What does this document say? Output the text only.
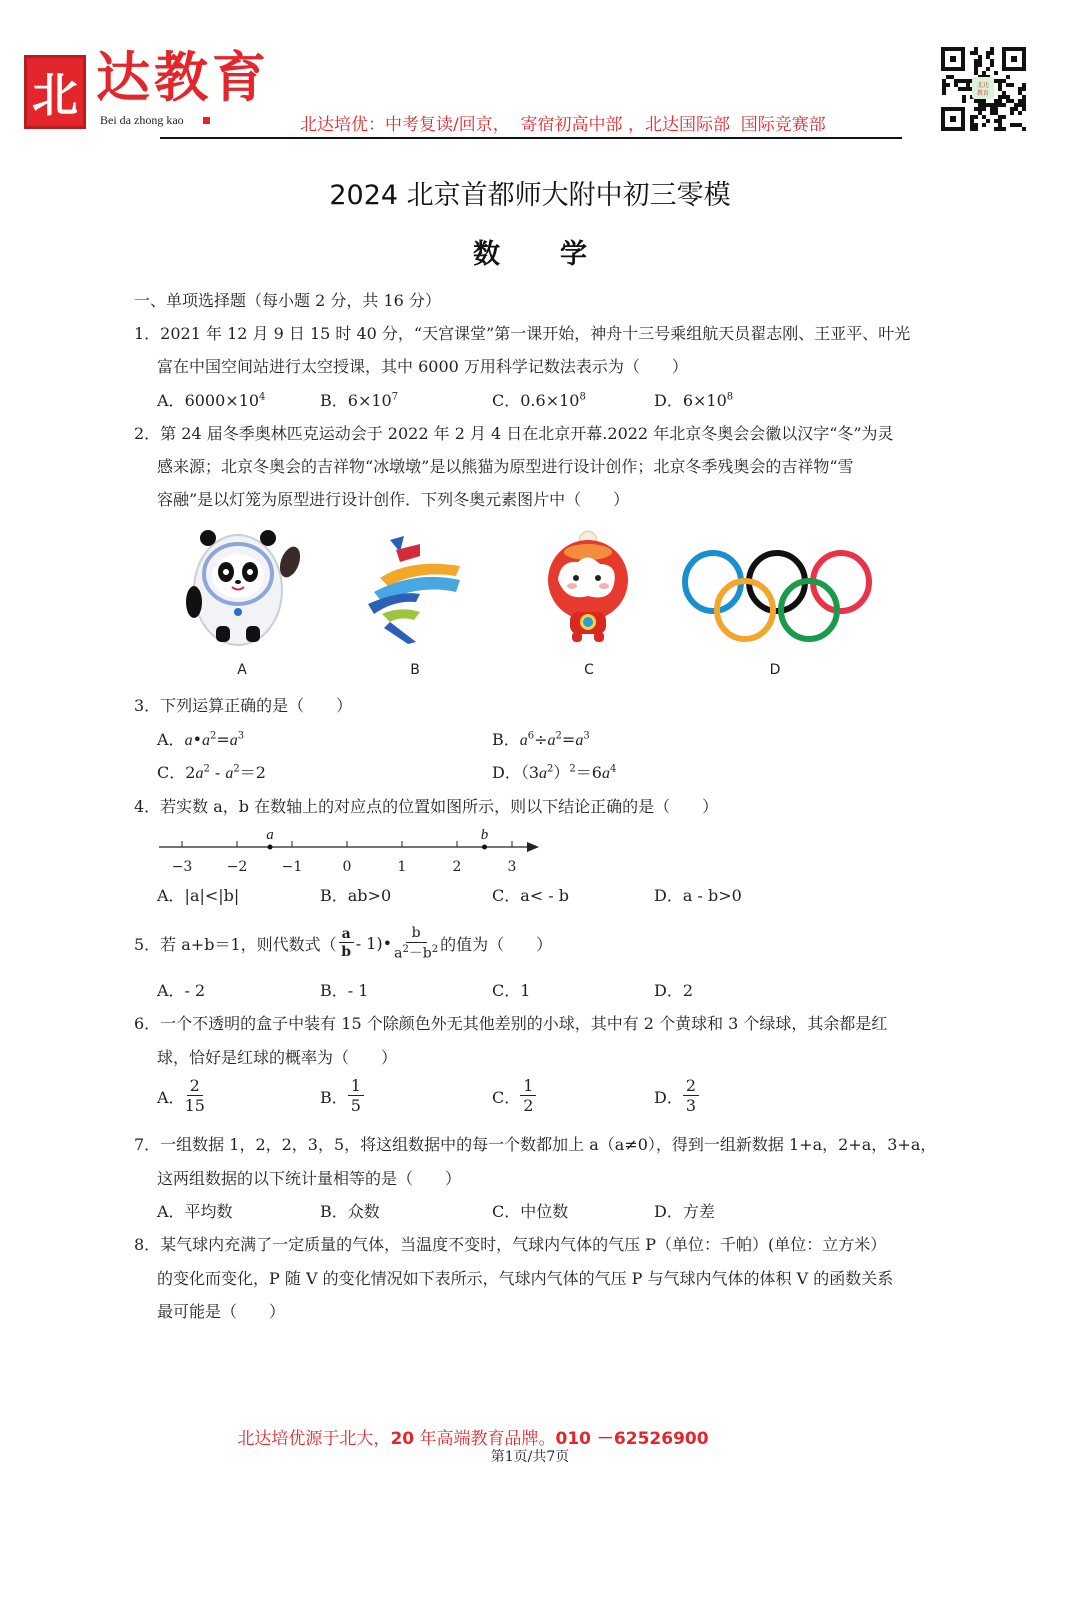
北 达教育
Bei da zhong kao	北达培优：中考复读/回京，  寄宿初高中部 ，北达国际部  国际竞赛部
北达
教育
2024 北京首都师大附中初三零模
数学
一、单项选择题（每小题 2 分，共 16 分）
1．2021 年 12 月 9 日 15 时 40 分，“天宫课堂”第一课开始，神舟十三号乘组航天员翟志刚、王亚平、叶光
富在中国空间站进行太空授课，其中 6000 万用科学记数法表示为（　　）
A．$6000\times 10^4$	B．$6\times 10^7$	C．$0.6\times 10^8$	D．$6\times 10^8$
2．第 24 届冬季奥林匹克运动会于 2022 年 2 月 4 日在北京开幕.2022 年北京冬奥会会徽以汉字“冬”为灵
感来源；北京冬奥会的吉祥物“冰墩墩”是以熊猫为原型进行设计创作；北京冬季残奥会的吉祥物“雪
容融”是以灯笼为原型进行设计创作．下列冬奥元素图片中（　　）
A	B	C	D
3．下列运算正确的是（　　）
A．$a•a^2=a^3$	B．$a^6\div a^2=a^3$
C．$2a^2 - a^2=2$	D．$(3a^2)^2=6a^4$
4．若实数 a，b 在数轴上的对应点的位置如图所示，则以下结论正确的是（　　）
−3 −2 −1	0	1	2	3
a	b
A．|a|<|b|	B．ab>0	C．a< - b	D．a - b>0
5．若 a+b＝1，则代数式（ $\frac{a}{b}$ - 1)• $\frac{b}{a^2-b^2}$ 的值为（　　）
A．- 2	B．- 1	C．1	D．2
6．一个不透明的盒子中装有 15 个除颜色外无其他差别的小球，其中有 2 个黄球和 3 个绿球，其余都是红
球，恰好是红球的概率为（　　）
A． $\frac{2}{15}$	B． $\frac{1}{5}$	C． $\frac{1}{2}$	D． $\frac{2}{3}$
7．一组数据 1，2，2，3，5，将这组数据中的每一个数都加上 a（a≠0），得到一组新数据 1+a，2+a，3+a，
这两组数据的以下统计量相等的是（　　）
A．平均数	B．众数	C．中位数	D．方差
8．某气球内充满了一定质量的气体，当温度不变时，气球内气体的气压 P（单位：千帕）(单位：立方米）
的变化而变化，P 随 V 的变化情况如下表所示，气球内气体的气压 P 与气球内气体的体积 V 的函数关系
最可能是（　　）
北达培优源于北大，20 年高端教育品牌。010 －62526900
第1页/共7页
